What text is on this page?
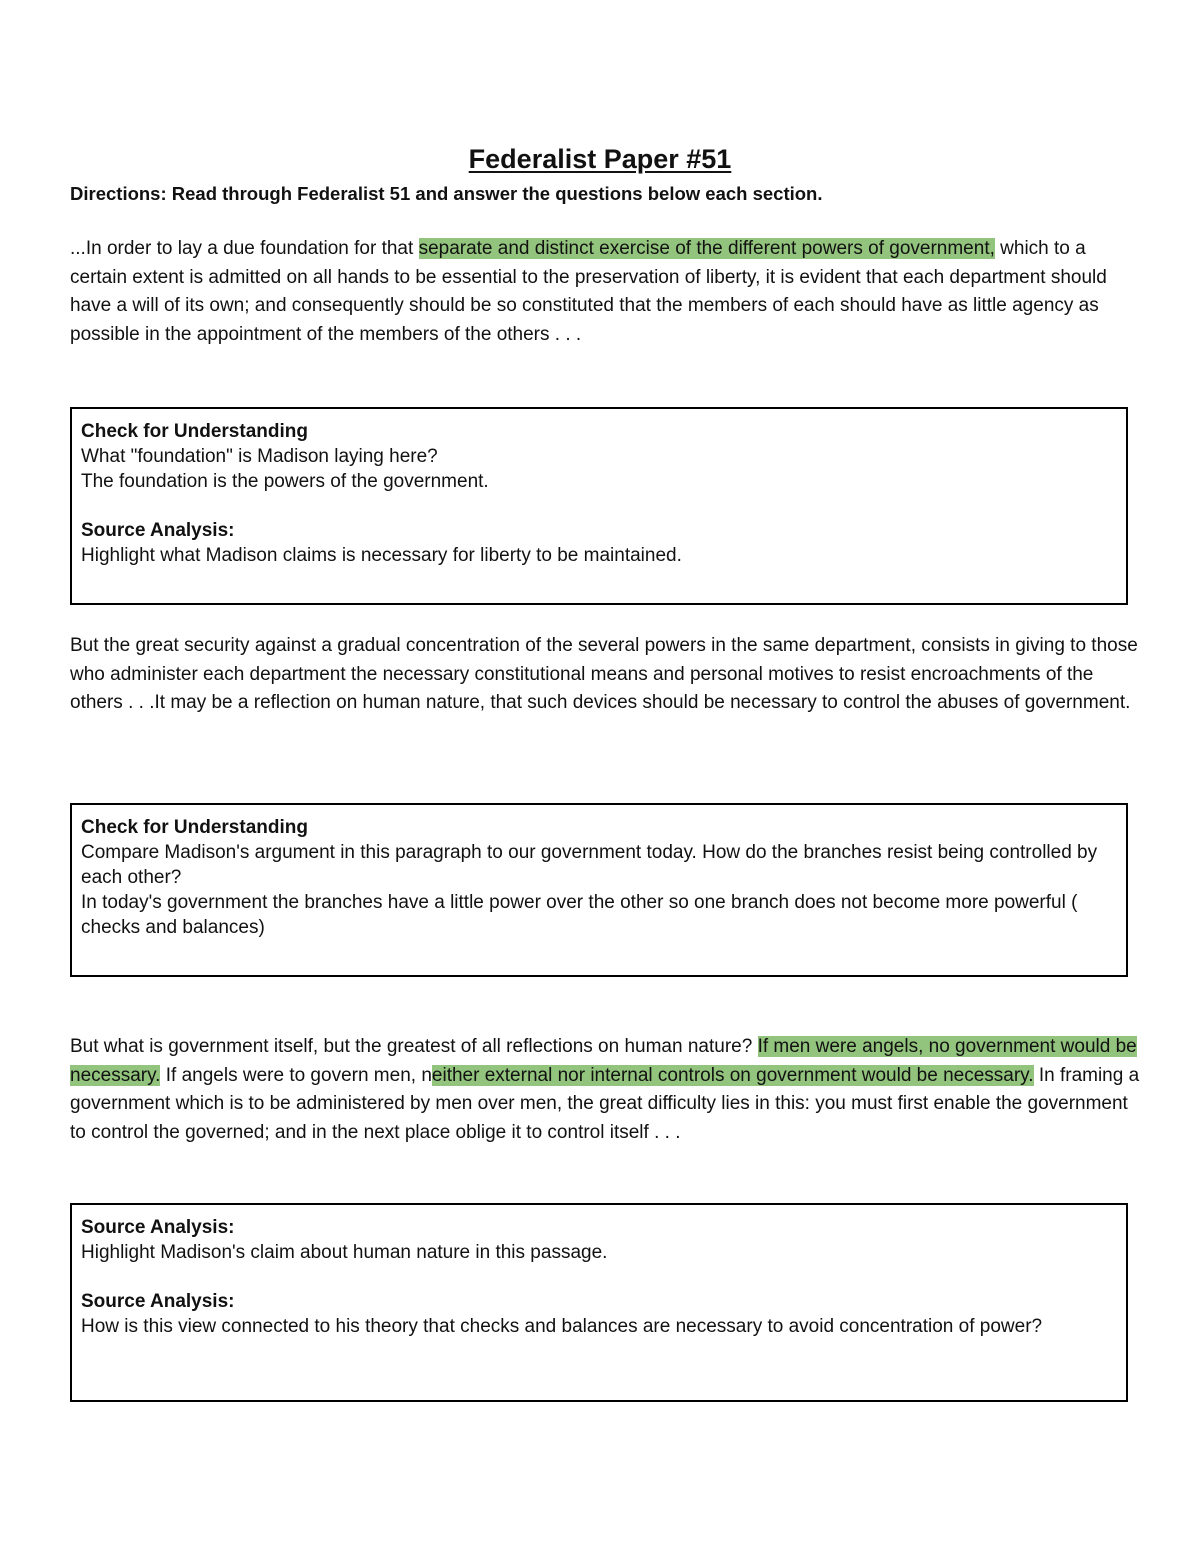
Federalist Paper #51

Directions: Read through Federalist 51 and answer the questions below each section.

...In order to lay a due foundation for that separate and distinct exercise of the different powers of government, which to a certain extent is admitted on all hands to be essential to the preservation of liberty, it is evident that each department should have a will of its own; and consequently should be so constituted that the members of each should have as little agency as possible in the appointment of the members of the others . . .

Check for Understanding
What "foundation" is Madison laying here?
The foundation is the powers of the government.
Source Analysis:
Highlight what Madison claims is necessary for liberty to be maintained.

But the great security against a gradual concentration of the several powers in the same department, consists in giving to those who administer each department the necessary constitutional means and personal motives to resist encroachments of the others . . .It may be a reflection on human nature, that such devices should be necessary to control the abuses of government.

Check for Understanding
Compare Madison's argument in this paragraph to our government today. How do the branches resist being controlled by each other?
In today's government the branches have a little power over the other so one branch does not become more powerful ( checks and balances)

But what is government itself, but the greatest of all reflections on human nature? If men were angels, no government would be necessary. If angels were to govern men, neither external nor internal controls on government would be necessary. In framing a government which is to be administered by men over men, the great difficulty lies in this: you must first enable the government to control the governed; and in the next place oblige it to control itself . . .

Source Analysis:
Highlight Madison's claim about human nature in this passage.
Source Analysis:
How is this view connected to his theory that checks and balances are necessary to avoid concentration of power?
